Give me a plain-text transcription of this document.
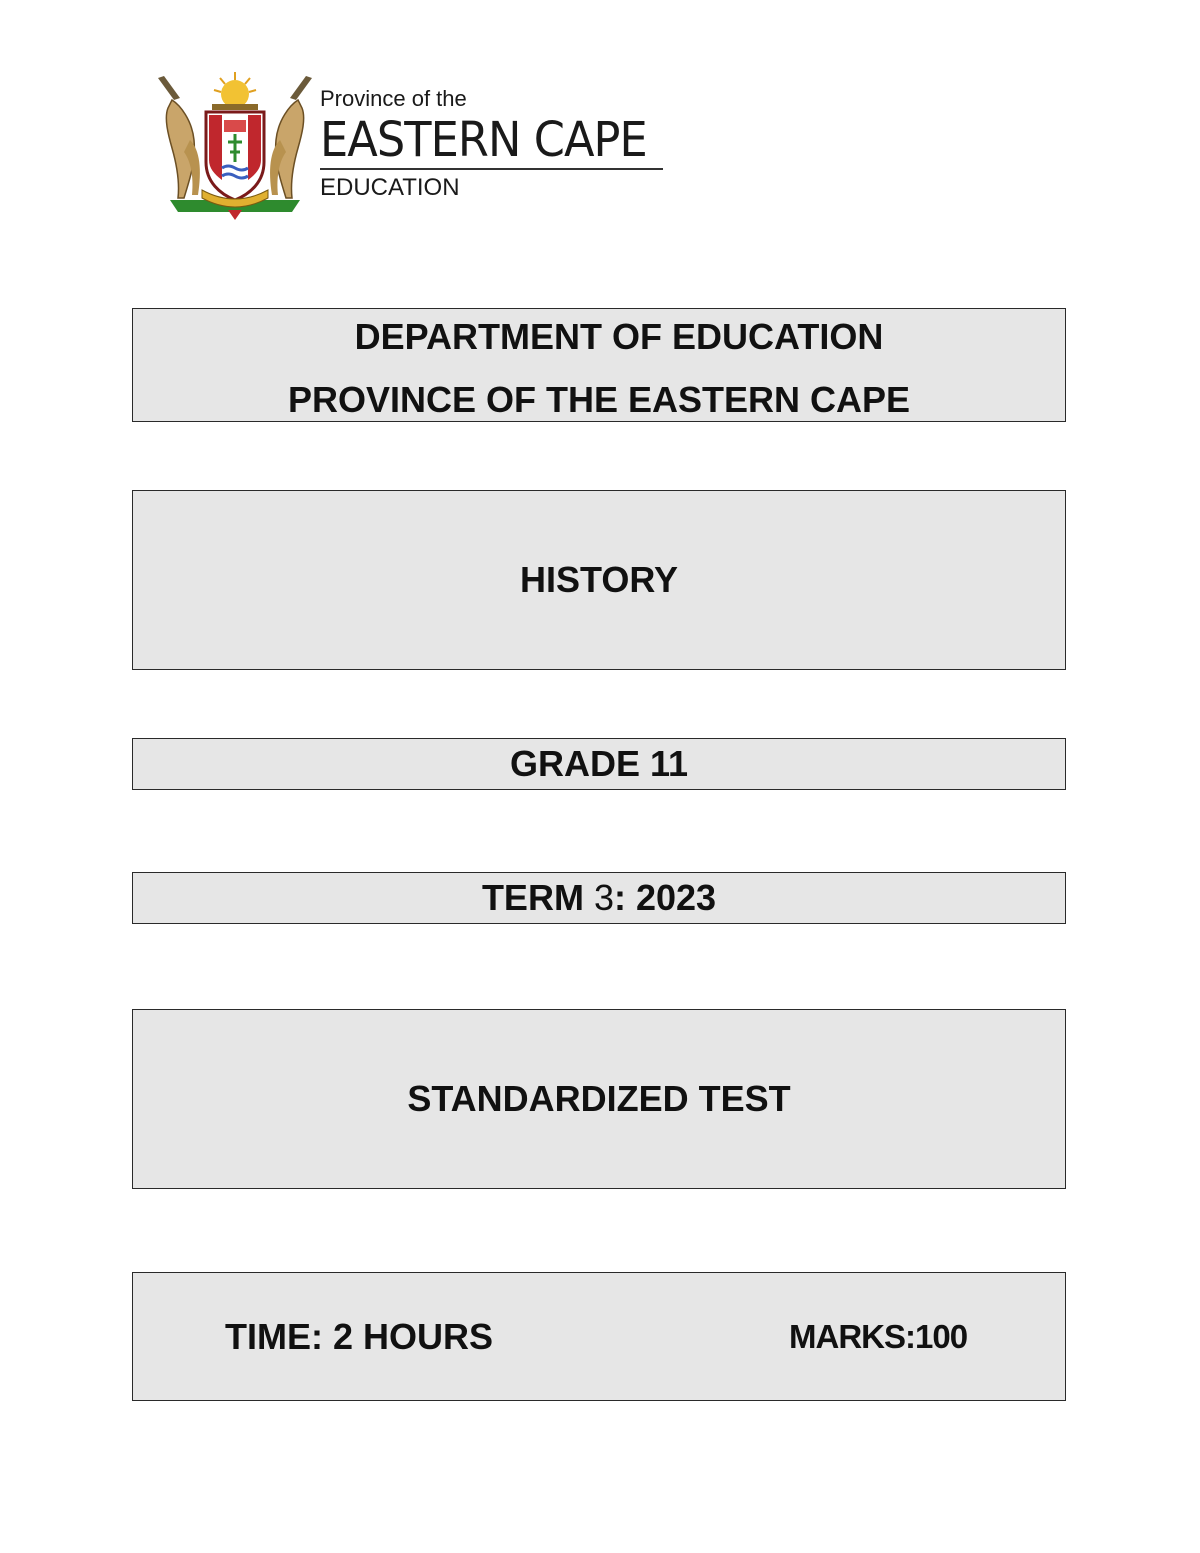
Province of the
EASTERN CAPE
EDUCATION
DEPARTMENT OF EDUCATION
PROVINCE OF THE EASTERN CAPE
HISTORY
GRADE 11
TERM 3: 2023
STANDARDIZED TEST
TIME: 2 HOURS	MARKS:100
